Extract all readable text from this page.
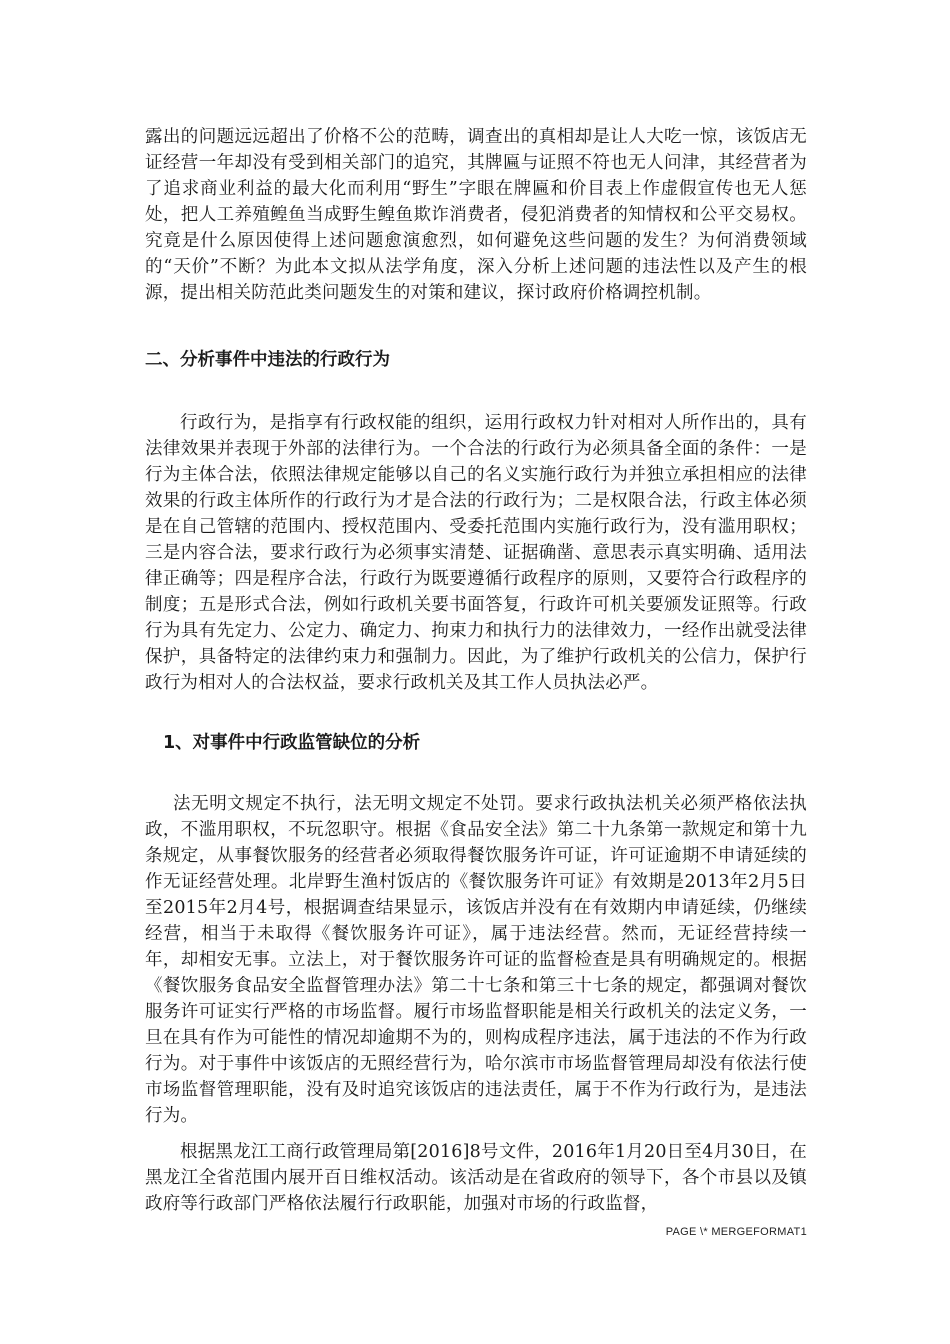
露出的问题远远超出了价格不公的范畴，调查出的真相却是让人大吃一惊，该饭店无证经营一年却没有受到相关部门的追究，其牌匾与证照不符也无人问津，其经营者为了追求商业利益的最大化而利用“野生”字眼在牌匾和价目表上作虚假宣传也无人惩处，把人工养殖鳇鱼当成野生鳇鱼欺诈消费者，侵犯消费者的知情权和公平交易权。究竟是什么原因使得上述问题愈演愈烈，如何避免这些问题的发生？为何消费领域的“天价”不断？为此本文拟从法学角度，深入分析上述问题的违法性以及产生的根源，提出相关防范此类问题发生的对策和建议，探讨政府价格调控机制。

二、分析事件中违法的行政行为

行政行为，是指享有行政权能的组织，运用行政权力针对相对人所作出的，具有法律效果并表现于外部的法律行为。一个合法的行政行为必须具备全面的条件：一是行为主体合法，依照法律规定能够以自己的名义实施行政行为并独立承担相应的法律效果的行政主体所作的行政行为才是合法的行政行为；二是权限合法，行政主体必须是在自己管辖的范围内、授权范围内、受委托范围内实施行政行为，没有滥用职权；三是内容合法，要求行政行为必须事实清楚、证据确凿、意思表示真实明确、适用法律正确等；四是程序合法，行政行为既要遵循行政程序的原则，又要符合行政程序的制度；五是形式合法，例如行政机关要书面答复，行政许可机关要颁发证照等。行政行为具有先定力、公定力、确定力、拘束力和执行力的法律效力，一经作出就受法律保护，具备特定的法律约束力和强制力。因此，为了维护行政机关的公信力，保护行政行为相对人的合法权益，要求行政机关及其工作人员执法必严。

1、对事件中行政监管缺位的分析

法无明文规定不执行，法无明文规定不处罚。要求行政执法机关必须严格依法执政，不滥用职权，不玩忽职守。根据《食品安全法》第二十九条第一款规定和第十九条规定，从事餐饮服务的经营者必须取得餐饮服务许可证，许可证逾期不申请延续的作无证经营处理。北岸野生渔村饭店的《餐饮服务许可证》有效期是2013年2月5日至2015年2月4号，根据调查结果显示，该饭店并没有在有效期内申请延续，仍继续经营，相当于未取得《餐饮服务许可证》，属于违法经营。然而，无证经营持续一年，却相安无事。立法上，对于餐饮服务许可证的监督检查是具有明确规定的。根据《餐饮服务食品安全监督管理办法》第二十七条和第三十七条的规定，都强调对餐饮服务许可证实行严格的市场监督。履行市场监督职能是相关行政机关的法定义务，一旦在具有作为可能性的情况却逾期不为的，则构成程序违法，属于违法的不作为行政行为。对于事件中该饭店的无照经营行为，哈尔滨市市场监督管理局却没有依法行使市场监督管理职能，没有及时追究该饭店的违法责任，属于不作为行政行为，是违法行为。

根据黑龙江工商行政管理局第[2016]8号文件，2016年1月20日至4月30日，在黑龙江全省范围内展开百日维权活动。该活动是在省政府的领导下，各个市县以及镇政府等行政部门严格依法履行行政职能，加强对市场的行政监督，

PAGE \* MERGEFORMAT1
